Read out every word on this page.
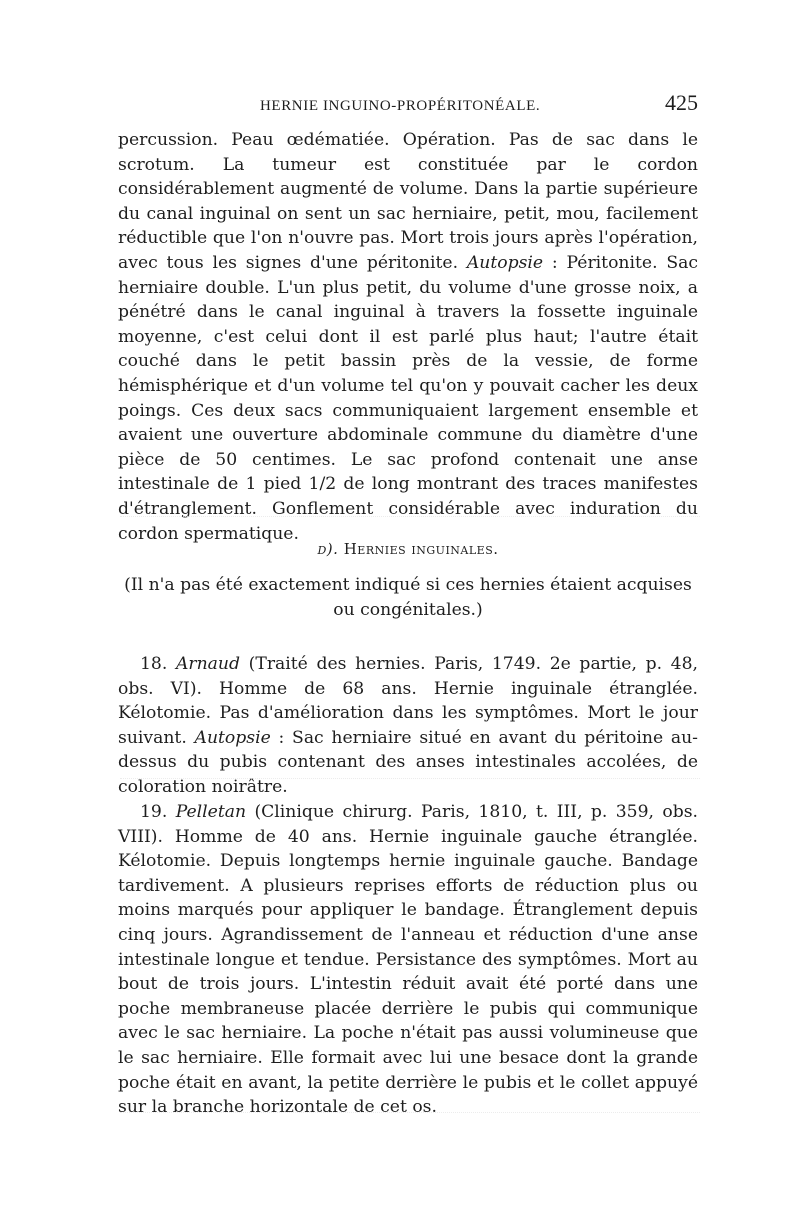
HERNIE INGUINO-PROPÉRITONÉALE.	425

percussion. Peau œdématiée. Opération. Pas de sac dans le scrotum. La tumeur est constituée par le cordon considérablement augmenté de volume. Dans la partie supérieure du canal inguinal on sent un sac herniaire, petit, mou, facilement réductible que l'on n'ouvre pas. Mort trois jours après l'opération, avec tous les signes d'une péritonite. Autopsie : Péritonite. Sac herniaire double. L'un plus petit, du volume d'une grosse noix, a pénétré dans le canal inguinal à travers la fossette inguinale moyenne, c'est celui dont il est parlé plus haut; l'autre était couché dans le petit bassin près de la vessie, de forme hémisphérique et d'un volume tel qu'on y pouvait cacher les deux poings. Ces deux sacs communiquaient largement ensemble et avaient une ouverture abdominale commune du diamètre d'une pièce de 50 centimes. Le sac profond contenait une anse intestinale de 1 pied 1/2 de long montrant des traces manifestes d'étranglement. Gonflement considérable avec induration du cordon spermatique.

d). Hernies inguinales.

(Il n'a pas été exactement indiqué si ces hernies étaient acquises ou congénitales.)

18. Arnaud (Traité des hernies. Paris, 1749. 2e partie, p. 48, obs. VI). Homme de 68 ans. Hernie inguinale étranglée. Kélotomie. Pas d'amélioration dans les symptômes. Mort le jour suivant. Autopsie : Sac herniaire situé en avant du péritoine au-dessus du pubis contenant des anses intestinales accolées, de coloration noirâtre.

19. Pelletan (Clinique chirurg. Paris, 1810, t. III, p. 359, obs. VIII). Homme de 40 ans. Hernie inguinale gauche étranglée. Kélotomie. Depuis longtemps hernie inguinale gauche. Bandage tardivement. A plusieurs reprises efforts de réduction plus ou moins marqués pour appliquer le bandage. Étranglement depuis cinq jours. Agrandissement de l'anneau et réduction d'une anse intestinale longue et tendue. Persistance des symptômes. Mort au bout de trois jours. L'intestin réduit avait été porté dans une poche membraneuse placée derrière le pubis qui communique avec le sac herniaire. La poche n'était pas aussi volumineuse que le sac herniaire. Elle formait avec lui une besace dont la grande poche était en avant, la petite derrière le pubis et le collet appuyé sur la branche horizontale de cet os.
